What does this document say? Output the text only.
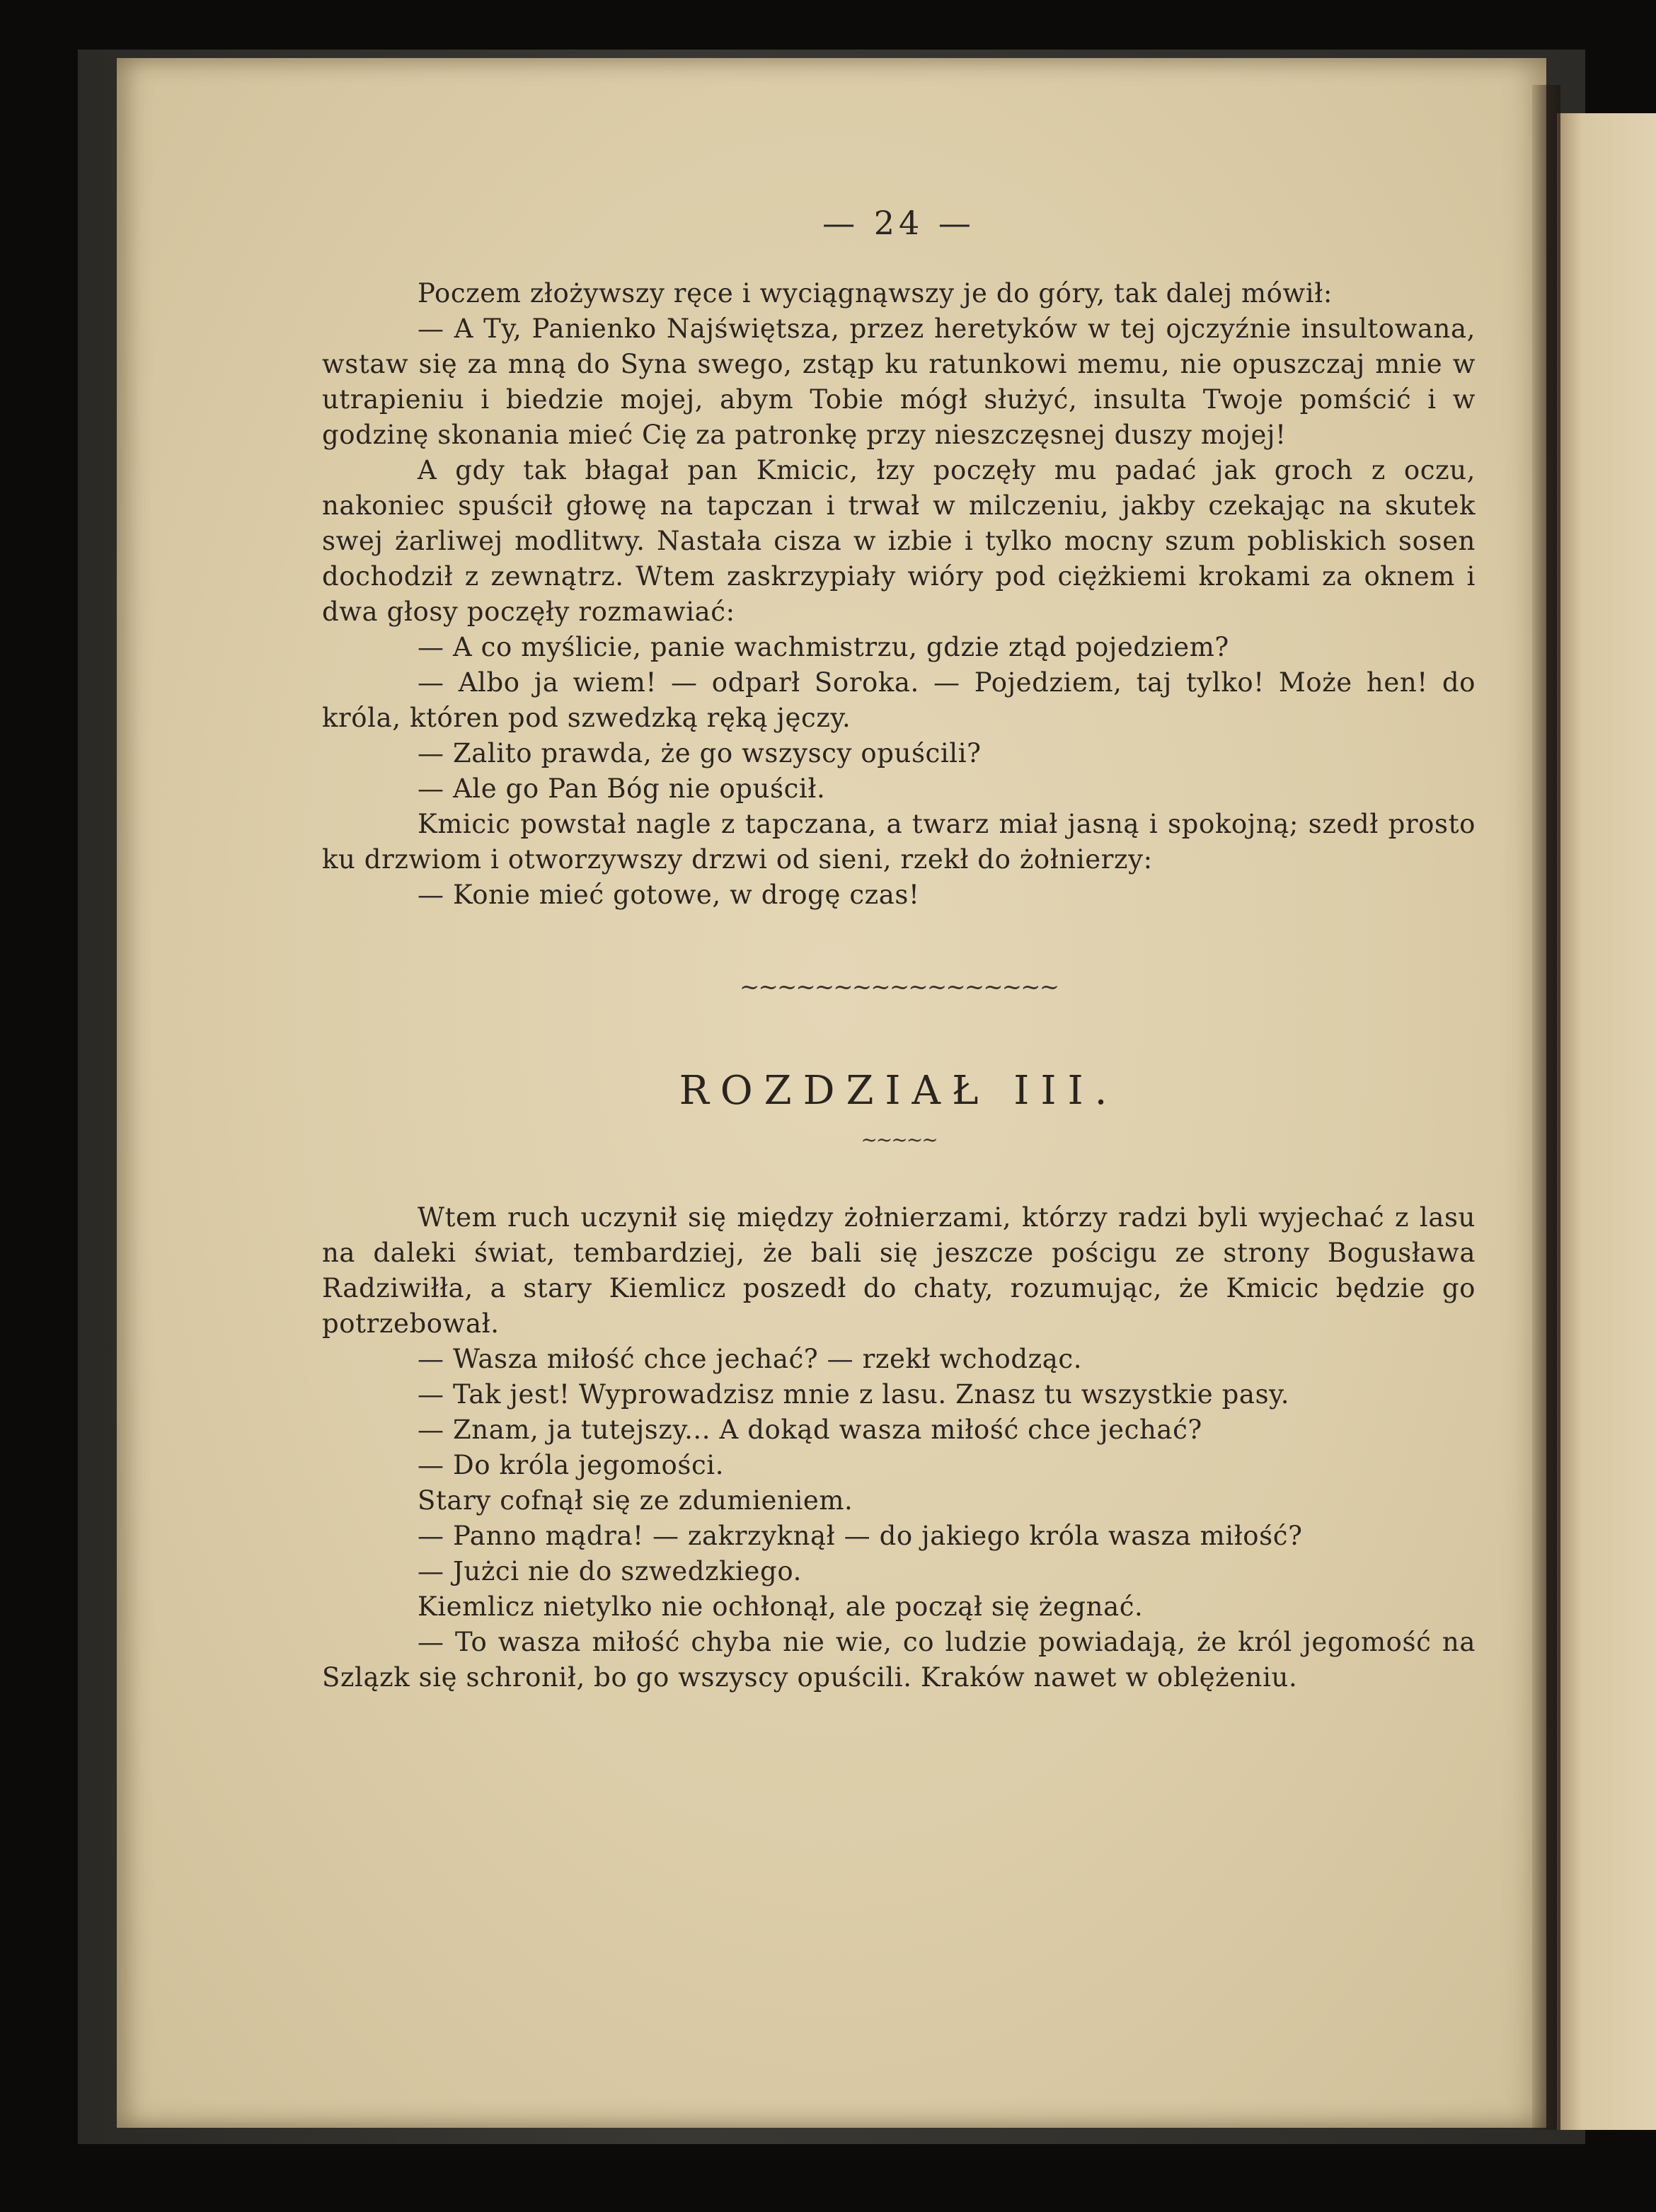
— 24 —

Poczem złożywszy ręce i wyciągnąwszy je do góry, tak dalej mówił:

— A Ty, Panienko Najświętsza, przez heretyków w tej ojczyźnie insultowana, wstaw się za mną do Syna swego, zstąp ku ratunkowi memu, nie opuszczaj mnie w utrapieniu i biedzie mojej, abym Tobie mógł służyć, insulta Twoje pomścić i w godzinę skonania mieć Cię za patronkę przy nieszczęsnej duszy mojej!

A gdy tak błagał pan Kmicic, łzy poczęły mu padać jak groch z oczu, nakoniec spuścił głowę na tapczan i trwał w milczeniu, jakby czekając na skutek swej żarliwej modlitwy. Nastała cisza w izbie i tylko mocny szum pobliskich sosen dochodził z zewnątrz. Wtem zaskrzypiały wióry pod ciężkiemi krokami za oknem i dwa głosy poczęły rozmawiać:

— A co myślicie, panie wachmistrzu, gdzie ztąd pojedziem?

— Albo ja wiem! — odparł Soroka. — Pojedziem, taj tylko! Może hen! do króla, któren pod szwedzką ręką jęczy.

— Zalito prawda, że go wszyscy opuścili?

— Ale go Pan Bóg nie opuścił.

Kmicic powstał nagle z tapczana, a twarz miał jasną i spokojną; szedł prosto ku drzwiom i otworzywszy drzwi od sieni, rzekł do żołnierzy:

— Konie mieć gotowe, w drogę czas!

~~~~~~~~~~~~~~~~~
ROZDZIAŁ III.
~~~~~

Wtem ruch uczynił się między żołnierzami, którzy radzi byli wyjechać z lasu na daleki świat, tembardziej, że bali się jeszcze pościgu ze strony Bogusława Radziwiłła, a stary Kiemlicz poszedł do chaty, rozumując, że Kmicic będzie go potrzebował.

— Wasza miłość chce jechać? — rzekł wchodząc.

— Tak jest! Wyprowadzisz mnie z lasu. Znasz tu wszystkie pasy.

— Znam, ja tutejszy... A dokąd wasza miłość chce jechać?

— Do króla jegomości.

Stary cofnął się ze zdumieniem.

— Panno mądra! — zakrzyknął — do jakiego króla wasza miłość?

— Jużci nie do szwedzkiego.

Kiemlicz nietylko nie ochłonął, ale począł się żegnać.

— To wasza miłość chyba nie wie, co ludzie powiadają, że król jegomość na Szlązk się schronił, bo go wszyscy opuścili. Kraków nawet w oblężeniu.
